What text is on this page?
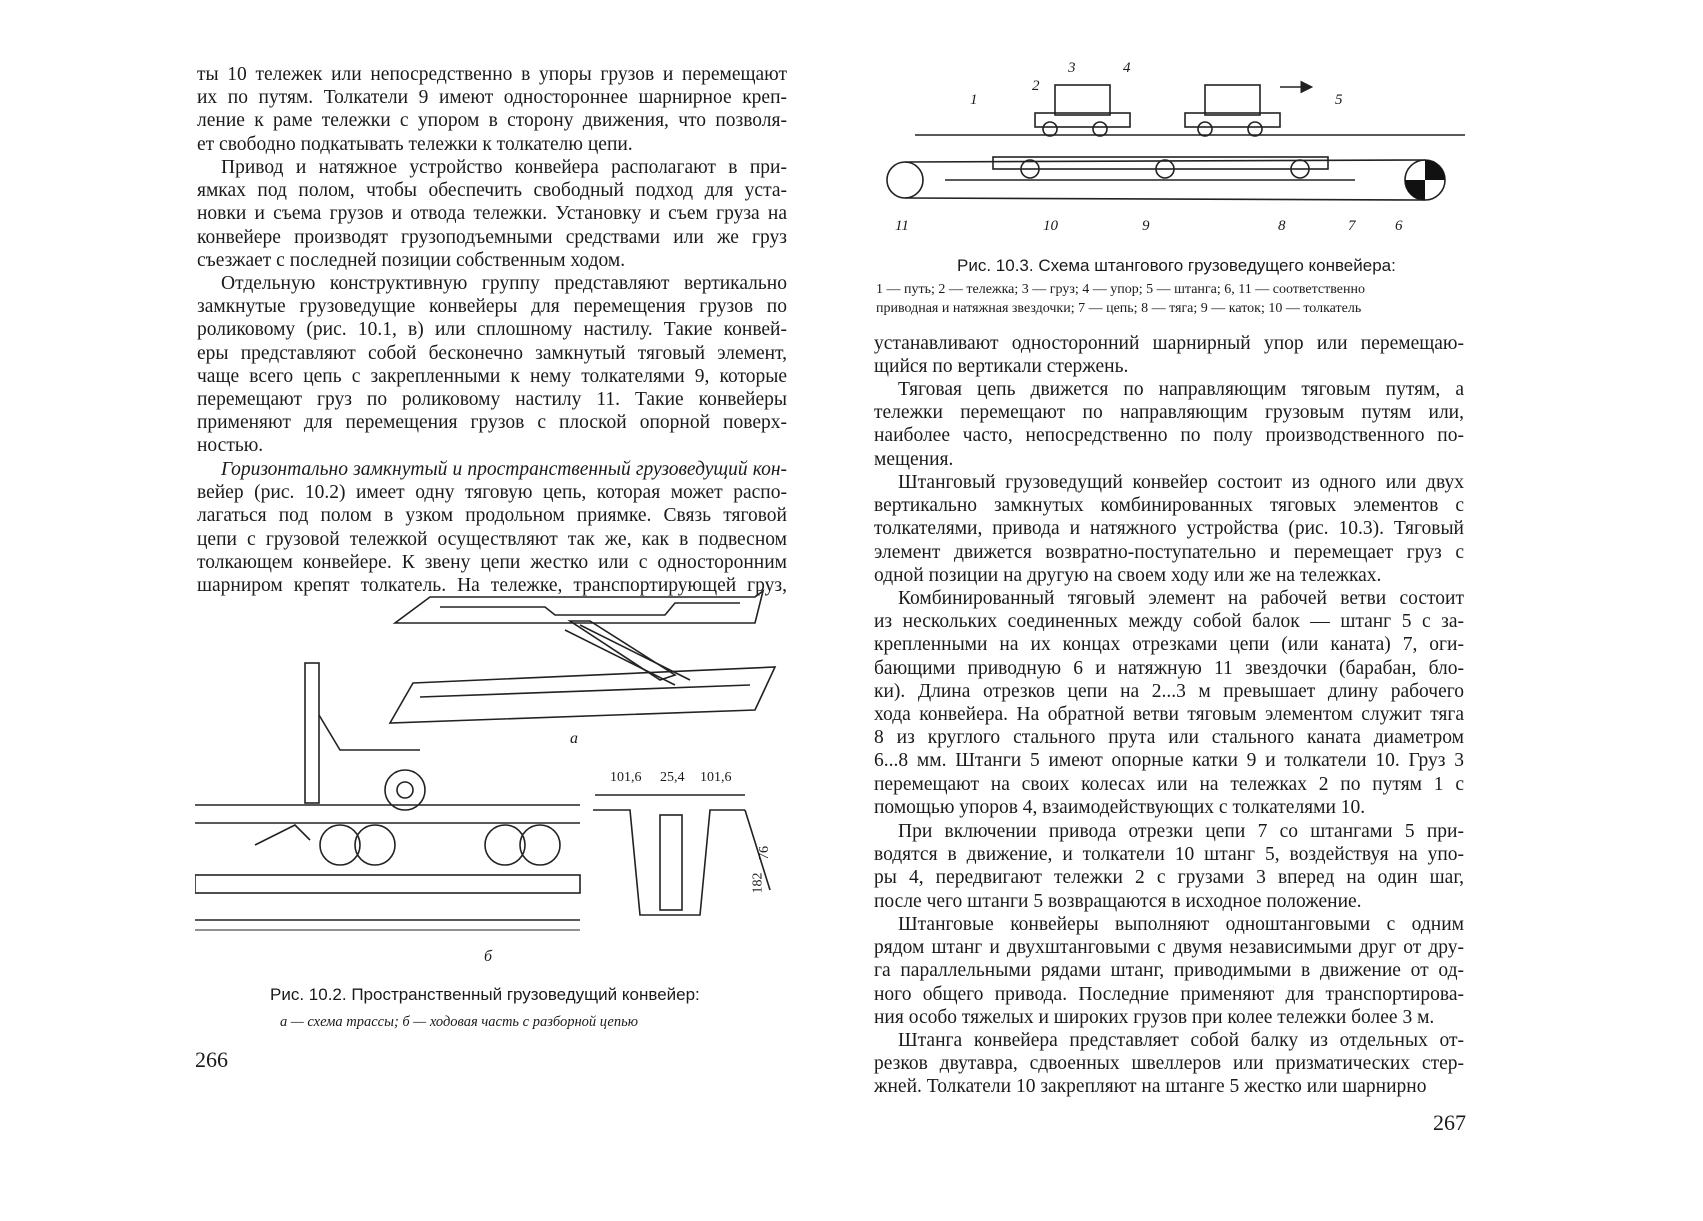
ты 10 тележек или непосредственно в упоры грузов и перемещают
их по путям. Толкатели 9 имеют одностороннее шарнирное креп-
ление к раме тележки с упором в сторону движения, что позволя-
ет свободно подкатывать тележки к толкателю цепи.
Привод и натяжное устройство конвейера располагают в при-
ямках под полом, чтобы обеспечить свободный подход для уста-
новки и съема грузов и отвода тележки. Установку и съем груза на
конвейере производят грузоподъемными средствами или же груз
съезжает с последней позиции собственным ходом.
Отдельную конструктивную группу представляют вертикально
замкнутые грузоведущие конвейеры для перемещения грузов по
роликовому (рис. 10.1, в) или сплошному настилу. Такие конвей-
еры представляют собой бесконечно замкнутый тяговый элемент,
чаще всего цепь с закрепленными к нему толкателями 9, которые
перемещают груз по роликовому настилу 11. Такие конвейеры
применяют для перемещения грузов с плоской опорной поверх-
ностью.
Горизонтально замкнутый и пространственный грузоведущий кон-
вейер (рис. 10.2) имеет одну тяговую цепь, которая может распо-
лагаться под полом в узком продольном приямке. Связь тяговой
цепи с грузовой тележкой осуществляют так же, как в подвесном
толкающем конвейере. К звену цепи жестко или с односторонним
шарниром крепят толкатель. На тележке, транспортирующей груз,
а
б
101,6 25,4 101,6
76
182
Рис. 10.2. Пространственный грузоведущий конвейер:
а — схема трассы; б — ходовая часть с разборной цепью
266
1
2
3	4
5
6
7
8
9
10
11
Рис. 10.3. Схема штангового грузоведущего конвейера:
1 — путь; 2 — тележка; 3 — груз; 4 — упор; 5 — штанга; 6, 11 — соответственно
приводная и натяжная звездочки; 7 — цепь; 8 — тяга; 9 — каток; 10 — толкатель
устанавливают односторонний шарнирный упор или перемещаю-
щийся по вертикали стержень.
Тяговая цепь движется по направляющим тяговым путям, а
тележки перемещают по направляющим грузовым путям или,
наиболее часто, непосредственно по полу производственного по-
мещения.
Штанговый грузоведущий конвейер состоит из одного или двух
вертикально замкнутых комбинированных тяговых элементов с
толкателями, привода и натяжного устройства (рис. 10.3). Тяговый
элемент движется возвратно-поступательно и перемещает груз с
одной позиции на другую на своем ходу или же на тележках.
Комбинированный тяговый элемент на рабочей ветви состоит
из нескольких соединенных между собой балок — штанг 5 с за-
крепленными на их концах отрезками цепи (или каната) 7, оги-
бающими приводную 6 и натяжную 11 звездочки (барабан, бло-
ки). Длина отрезков цепи на 2...3 м превышает длину рабочего
хода конвейера. На обратной ветви тяговым элементом служит тяга
8 из круглого стального прута или стального каната диаметром
6...8 мм. Штанги 5 имеют опорные катки 9 и толкатели 10. Груз 3
перемещают на своих колесах или на тележках 2 по путям 1 с
помощью упоров 4, взаимодействующих с толкателями 10.
При включении привода отрезки цепи 7 со штангами 5 при-
водятся в движение, и толкатели 10 штанг 5, воздействуя на упо-
ры 4, передвигают тележки 2 с грузами 3 вперед на один шаг,
после чего штанги 5 возвращаются в исходное положение.
Штанговые конвейеры выполняют одноштанговыми с одним
рядом штанг и двухштанговыми с двумя независимыми друг от дру-
га параллельными рядами штанг, приводимыми в движение от од-
ного общего привода. Последние применяют для транспортирова-
ния особо тяжелых и широких грузов при колее тележки более 3 м.
Штанга конвейера представляет собой балку из отдельных от-
резков двутавра, сдвоенных швеллеров или призматических стер-
жней. Толкатели 10 закрепляют на штанге 5 жестко или шарнирно
267
